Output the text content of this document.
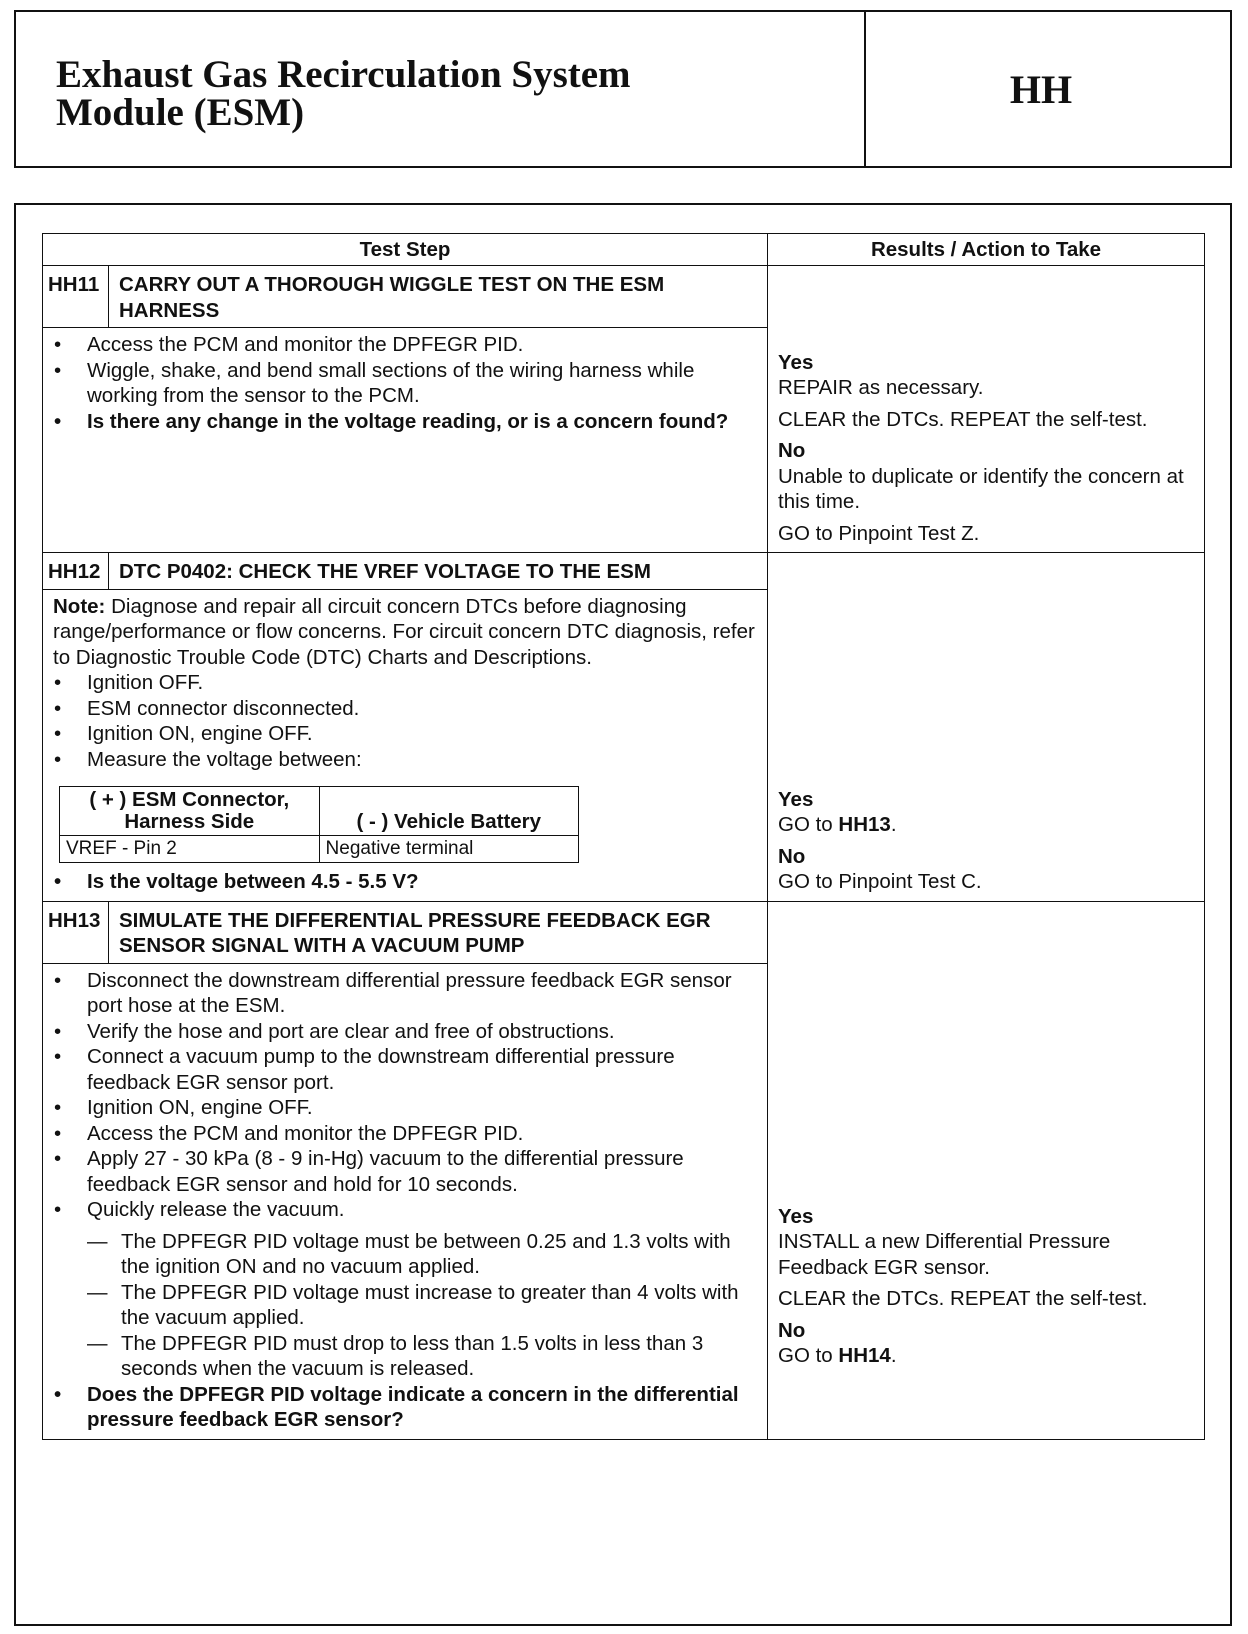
Exhaust Gas Recirculation System
Module (ESM)
HH
Test Step	Results / Action to Take
HH11	CARRY OUT A THOROUGH WIGGLE TEST ON THE ESM HARNESS	
Yes
REPAIR as necessary.
CLEAR the DTCs. REPEAT the self-test.
No
Unable to duplicate or identify the concern at this time.
GO to Pinpoint Test Z.

• Access the PCM and monitor the DPFEGR PID.
• Wiggle, shake, and bend small sections of the wiring harness while working from the sensor to the PCM.
• Is there any change in the voltage reading, or is a concern found?

HH12	DTC P0402: CHECK THE VREF VOLTAGE TO THE ESM	
Yes
GO to HH13.
No
GO to Pinpoint Test C.

Note: Diagnose and repair all circuit concern DTCs before diagnosing range/performance or flow concerns. For circuit concern DTC diagnosis, refer to Diagnostic Trouble Code (DTC) Charts and Descriptions.
• Ignition OFF.
• ESM connector disconnected.
• Ignition ON, engine OFF.
• Measure the voltage between:
( + ) ESM Connector, Harness Side	( - ) Vehicle Battery
VREF - Pin 2	Negative terminal
• Is the voltage between 4.5 - 5.5 V?

HH13	SIMULATE THE DIFFERENTIAL PRESSURE FEEDBACK EGR SENSOR SIGNAL WITH A VACUUM PUMP	
Yes
INSTALL a new Differential Pressure Feedback EGR sensor.
CLEAR the DTCs. REPEAT the self-test.
No
GO to HH14.

• Disconnect the downstream differential pressure feedback EGR sensor port hose at the ESM.
• Verify the hose and port are clear and free of obstructions.
• Connect a vacuum pump to the downstream differential pressure feedback EGR sensor port.
• Ignition ON, engine OFF.
• Access the PCM and monitor the DPFEGR PID.
• Apply 27 - 30 kPa (8 - 9 in-Hg) vacuum to the differential pressure feedback EGR sensor and hold for 10 seconds.
• Quickly release the vacuum.
— The DPFEGR PID voltage must be between 0.25 and 1.3 volts with the ignition ON and no vacuum applied.
— The DPFEGR PID voltage must increase to greater than 4 volts with the vacuum applied.
— The DPFEGR PID must drop to less than 1.5 volts in less than 3 seconds when the vacuum is released.
• Does the DPFEGR PID voltage indicate a concern in the differential pressure feedback EGR sensor?
